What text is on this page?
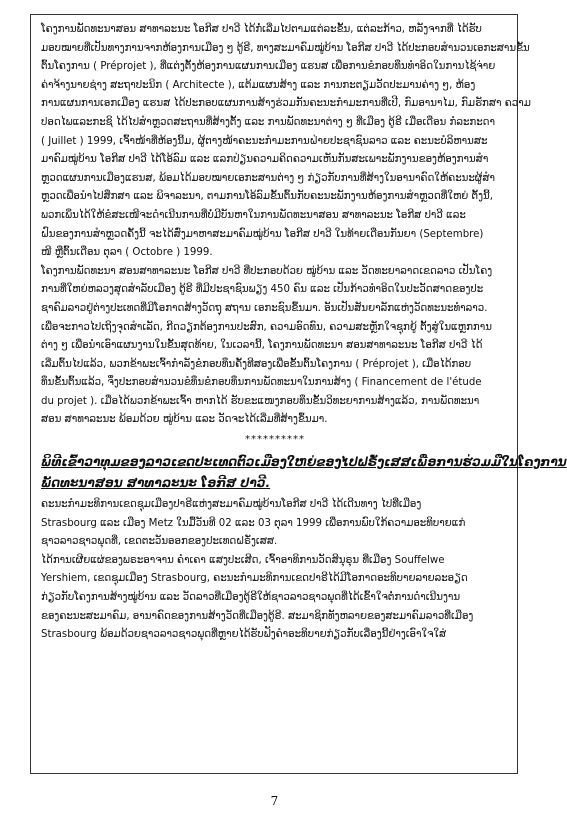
ໂຄງການພັດທະນາສອນ ສາທາລະນະ ໂອກີສ ປາວີ ໄດ້ກໍ່ເລີ່ມໄປຕາມແຕ່ລະຂັ້ນ, ແຕ່ລະກ້າວ, ຫລັງຈາກທີ່ ໄດ້ຮັບ

ມອບໝາຍທີ່ເປັນທາງການຈາກຫ້ອງການເມືອງ ໆ ຕູ້ຣີ, ທາງສະມາຄົມໝູ່ບ້ານ ໂອກີສ ປາວີ ໄດ້ປະກອບສຳນວນເອກະສານຂັ້ນ

ຕົ້ນໂຄງການ ( Préprojet ), ທີ່ແຕ່ງຕັ້ງຫ້ອງການແຜນການເມືອງ ແຮນສ ເພື່ອການຂໍກອບທຶນທຳອິດໃນການໄຊ້ຈ່າຍ

ຄ່າຈ້າງນາຍຊ່າງ ສະຖາປະນິກ ( Architecte ), ແຕ້ມແຜນສ້າງ ແລະ ການກະຕຽມວັດປະມານຄ່າງ ໆ, ຫ້ອງ

ການແຜນການເອກເມືອງ ແຮນສ ໄດ້ປະກອບແຜນການສ້າງຮ່ວມກັນຄະນະກຳມະການທີ່ເປີ, ກົມອານາໄມ, ກົມຮັກສາ ຄວາມ

ປອດໄພແລະກະຊິ ໄດ້ໄປສຳຫຼວດສະຖານທີ່ສ້າງຕັ້ງ ແລະ ການພັດທະນາຕ່າງ ໆ ທີ່ເມືອງ ຕູ້ຣີ ເມື່ອເດືອນ ກໍລະກະດາ

( Juillet ) 1999, ເຈົ້າໜ້າທີ່ຫ້ອງນີ້ມ, ຜູ້ຕາງໜ້າຄະນະກຳມະການຝ່າຍປະຊາຊົນລາວ ແລະ ຄະນະບໍລິຫານສະ

ມາຄົມໝູ່ບ້ານ ໂອກີສ ປາວີ ໄດ້ໂອ້ລົມ ແລະ ແລກປ່ຽນຄວາມຄິດຄວາມເຫັນກັນສະເພາະພັກງານຂອງຫ້ອງການສຳ

ຫຼວດແຜນການເມືອງແຮນສ, ພ້ອມໄດ້ມອບໝາຍເອກະສານຕ່າງ ໆ ກ່ຽວກັບການທີ່ສ້າງໃນອານາຄົດໃຫ້ຄະນະຜູ້ສຳ

ຫຼວດເພື່ອນຳໄປສຶກສາ ແລະ ພິຈາລະນາ, ຕາມການໂອ້ລົມຂັ້ນຕົ້ນກັບຄະນະພັກງານຫ້ອງການສຳຫຼວດທີ່ໃຫຍ່ ຕັ້ງນີ້,

ພວກເພິ່ນໄດ້ໃຫ້ຂໍສະເໜີຈະດຳເນີນການທີ່ບໍ່ມີບັນຫາໃນການພັດທະນາສອນ ສາທາລະນະ ໂອກີສ ປາວີ ແລະ

ຝົນຂອງການສຳຫຼວດຄັ້ງນີ້ ຈະໄດ້ສົ່ງມາຫາສະມາຄົມໝູ່ບ້ານ ໂອກີສ ປາວີ ໃນທ້າຍເດືອນກັນຍາ (Septembre)

ໜີ ຫຼືຕົ້ນເດືອນ ຕຸລາ ( Octobre ) 1999.

ໂຄງການພັດທະນາ ສອນສາທາລະນະ ໂອກີສ ປາວີ ທີ່ປະກອບດ້ວຍ ໝູ່ບ້ານ ແລະ ວັດທະຍາລາດເຂດລາວ ເປັນໂຄງ

ການທີ່ໃຫຍ່ຫລວງສຸດສຳລັບເມືອງ ຕູ້ຣີ ທີ່ມີປະຊາຊົນພຽງ 450 ຄົນ ແລະ ເປັນກ້າວທຳອິດໃນປະວັດສາດຂອງປະ

ຊາຄົມລາວຢູ່ຕ່າງປະເທດທີ່ມີໂອກາດສ້າງວັດຖຸ ສຖານ ເອກະຊົນຂຶ້ນມາ. ອັນເປັນສັນຍາລັກແຫ່ງວັດທະນະທຳລາວ.

ເພື່ອຈະກາວໄປເຖິງຈຸດສຳເລັດ, ກີດວຽກຕ້ອງການປະສົກ, ຄວາມອົດທົນ, ຄວາມສະຫຼັກໃຈຊຸກຍູ້ ຕັ້ງສູ່ໃນແຫຼກການ

ຕ່າງ ໆ ເພື່ອນຳເອົາແຜນງານໃນຂັ້ນສຸດທ້າຍ, ໃນເວລານີ້, ໂຄງການພັດທະນາ ສອນສາທາລະນະ ໂອກີສ ປາວີ ໄດ້

ເລີ່ມຕົ້ນໄປແລ້ວ, ພວກຂ້າພະເຈົ້າກຳລັງຂໍກອບທຶນຄັ້ງທີສອງເພື່ອຂັ້ນຕົ້ນໂຄງການ ( Préprojet ), ເມື່ອໄດ້ກອບ

ທຶນຂັ້ນຕົ້ນແລ້ວ, ຈຶ່ງປະກອບສຳນວນຂໍທຶນຂໍກອບທຶນການພັດທະນາໃນການສ້າງ ( Financement de l'étude

du projet ). ເມື່ອໄດ້ພວກຂ້າພະເຈົ້າ ຫາກໄດ້ ຮັບຂະແໜງກອບທຶນຂັ້ນວິທະຍາການສ້າງແລ້ວ, ການພັດທະນາ

ສອນ ສາທາລະນະ ພ້ອມດ້ວຍ ໝູ່ບ້ານ ແລະ ວັດຈະໄດ້ເລີ່ມທີ່ສ້າງຂຶ້ນມາ.

**********

ພິທີເຂົ້າວາທຸມຂອງລາວເຂດປະເທດຕົວເມືອງໃຫຍ່ຂອງໄປຝຣັ່ງເສສເພື່ອການຮ່ວມມືໃນໂຄງການ

ພັດທະນາສອນ ສາທາລະນະ ໂອກີສ ປາວີ.

ຄະນະກຳມະທິການເຂດຊຸມເມືອງປາຣີແຫ່ງສະມາຄົມໝູ່ບ້ານໂອກີສ ປາວີ ໄດ້ເດີນທາງ ໄປທີ່ເມືອງ

Strasbourg ແລະ ເມືອງ Metz ໃນມື້ວັນທີ 02 ແລະ 03 ຕຸລາ 1999 ເພື່ອການພົບໃກ້ຄວາມອະທິບາຍແກ່

ຊາວລາວຊາວພຸດທີ່, ເຂດຕະວັນອອກຂອງປະເທດຝຣັ່ງເສສ.

ໄດ້ການເຜີຍແຜ່ຂອງພຣະອາຈານ ຄໍາເຄາ ແສງປະເສີດ, ເຈົ້າອາທິການວັດສິນຸຣຸນ ທີ່ເມືອງ Souffelwe

Yershiem, ເຂດຊຸມເມືອງ Strasbourg, ຄະນະກຳມະທິການເຂດປາຣີໄດ້ມີໂອກາດອະທິບາຍລາຍລະອຽດ

ກ່ຽວກັບໂຄງການສ້າງໝູ່ບ້ານ ແລະ ວັດລາວທີ່ເມືອງຕູ້ຣີໃຫ້ຊາວລາວຊາວພຸດທີ່ໄດ້ເຂົ້າໃຈຕໍ່ການດຳເນີນງານ

ຂອງຄະນະສະມາຄົມ, ອານາຄົດຂອງການສ້າງວັດທີ່ເມືອງຕູ້ຣີ. ສະມາຊິກທັງຫລາຍຂອງສະມາຄົມລາວທີ່ເມືອງ

Strasbourg ພ້ອມດ້ວຍຊາວລາວຊາວພຸດທີ່ຫຼາຍໄດ້ຮັບຟັງຄໍາອະທິບາຍກ່ຽວກັບເລື່ອງນີ້ຢ່າງເອົາໃຈໃສ່

7
